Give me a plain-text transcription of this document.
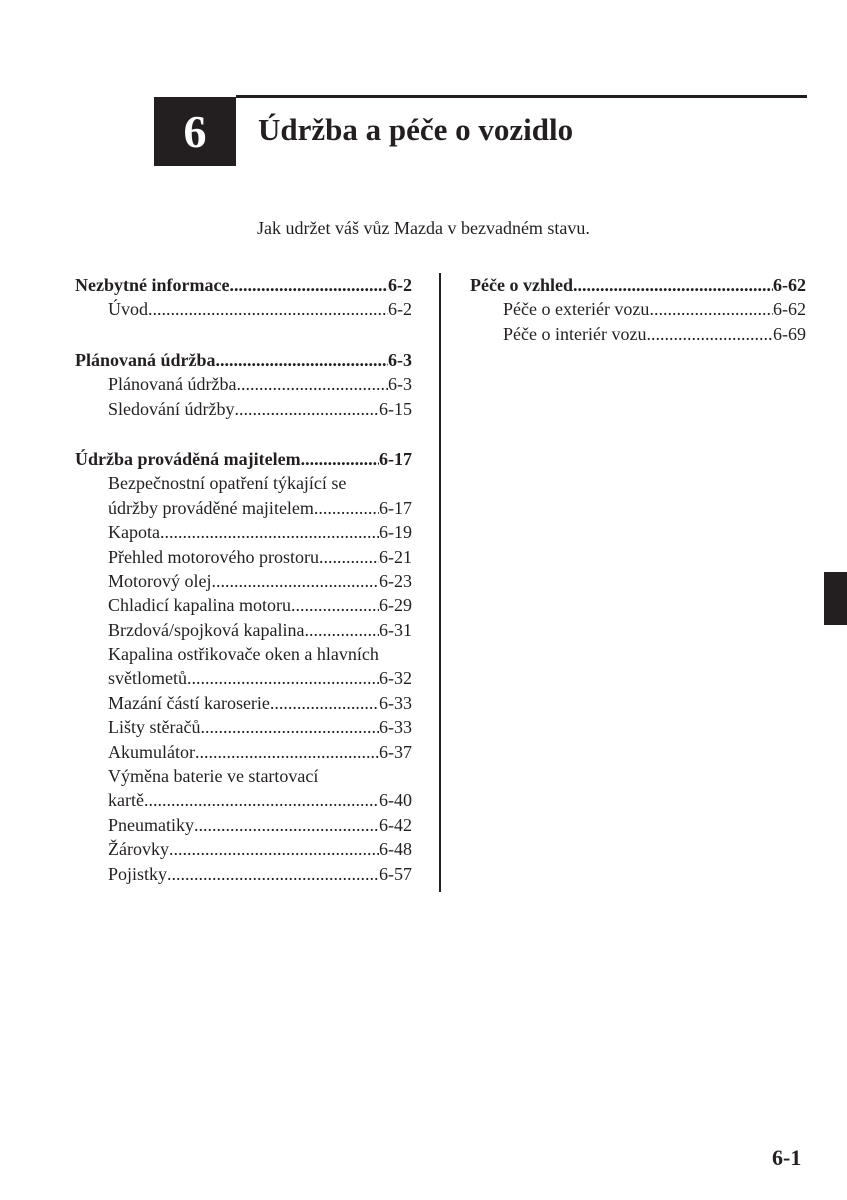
6 Údržba a péče o vozidlo
Jak udržet váš vůz Mazda v bezvadném stavu.
Nezbytné informace .....	6-2
Úvod .....	6-2
Plánovaná údržba .....	6-3
Plánovaná údržba .....	6-3
Sledování údržby .....	6-15
Údržba prováděná majitelem .....	6-17
Bezpečnostní opatření týkající se
údržby prováděné majitelem .....	6-17
Kapota .....	6-19
Přehled motorového prostoru .....	6-21
Motorový olej .....	6-23
Chladicí kapalina motoru .....	6-29
Brzdová/spojková kapalina .....	6-31
Kapalina ostřikovače oken a hlavních
světlometů .....	6-32
Mazání částí karoserie .....	6-33
Lišty stěračů .....	6-33
Akumulátor .....	6-37
Výměna baterie ve startovací
kartě .....	6-40
Pneumatiky .....	6-42
Žárovky .....	6-48
Pojistky .....	6-57
Péče o vzhled .....	6-62
Péče o exteriér vozu .....	6-62
Péče o interiér vozu .....	6-69
6-1
